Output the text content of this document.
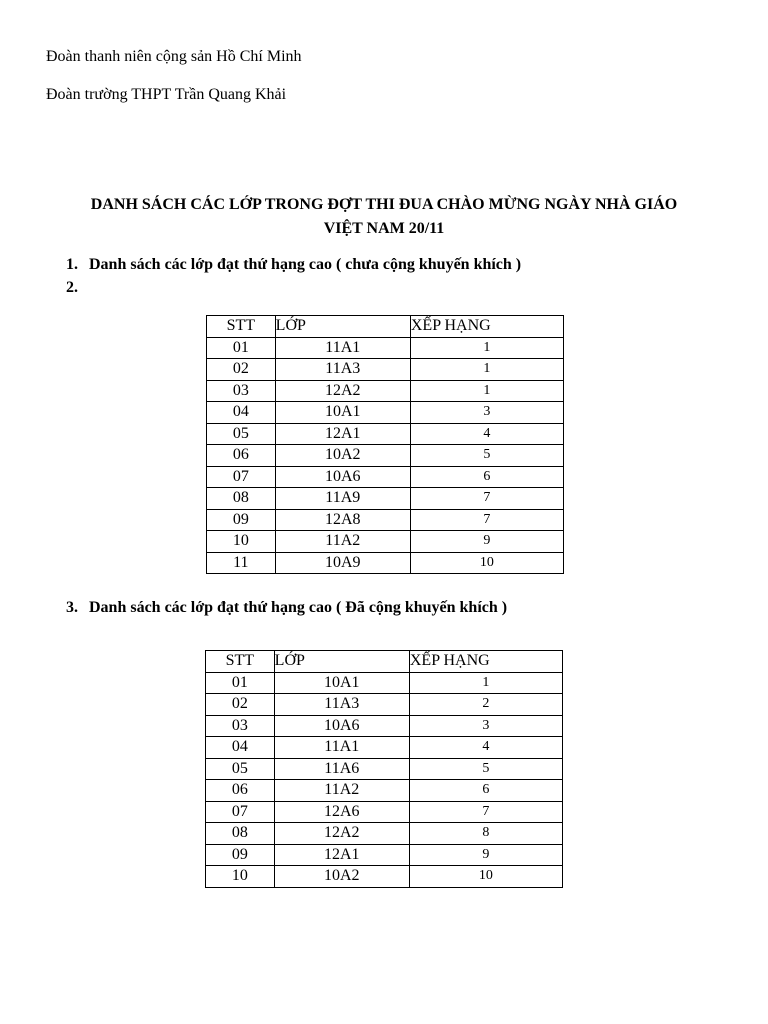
Đoàn thanh niên cộng sản Hồ Chí Minh
Đoàn trường THPT Trần Quang Khải
DANH SÁCH CÁC LỚP TRONG ĐỢT THI ĐUA CHÀO MỪNG NGÀY NHÀ GIÁO
VIỆT NAM 20/11
1. Danh sách các lớp đạt thứ hạng cao ( chưa cộng khuyến khích )
2.
STT	LỚP	XẾP HẠNG
01	11A1	1
02	11A3	1
03	12A2	1
04	10A1	3
05	12A1	4
06	10A2	5
07	10A6	6
08	11A9	7
09	12A8	7
10	11A2	9
11	10A9	10
3. Danh sách các lớp đạt thứ hạng cao ( Đã cộng khuyến khích )
STT	LỚP	XẾP HẠNG
01	10A1	1
02	11A3	2
03	10A6	3
04	11A1	4
05	11A6	5
06	11A2	6
07	12A6	7
08	12A2	8
09	12A1	9
10	10A2	10
